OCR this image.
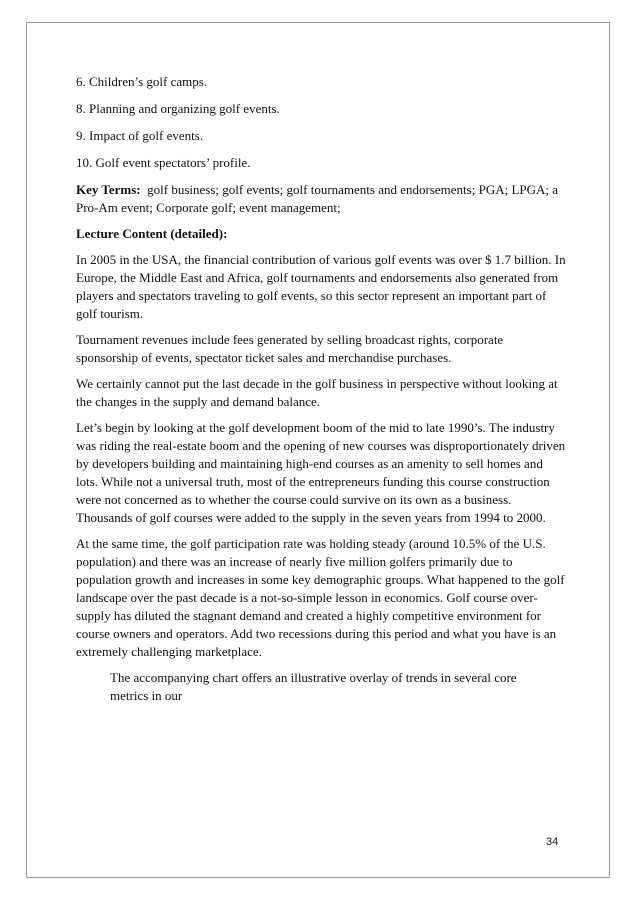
6. Children’s golf camps.

8. Planning and organizing golf events.

9. Impact of golf events.

10. Golf event spectators’ profile.

Key Terms: golf business; golf events; golf tournaments and endorsements; PGA; LPGA; a Pro-Am event; Corporate golf; event management;

Lecture Content (detailed):

In 2005 in the USA, the financial contribution of various golf events was over $ 1.7 billion. In Europe, the Middle East and Africa, golf tournaments and endorsements also generated from players and spectators traveling to golf events, so this sector represent an important part of golf tourism.

Tournament revenues include fees generated by selling broadcast rights, corporate sponsorship of events, spectator ticket sales and merchandise purchases.

We certainly cannot put the last decade in the golf business in perspective without looking at the changes in the supply and demand balance.

Let’s begin by looking at the golf development boom of the mid to late 1990’s. The industry was riding the real-estate boom and the opening of new courses was disproportionately driven by developers building and maintaining high-end courses as an amenity to sell homes and lots. While not a universal truth, most of the entrepreneurs funding this course construction were not concerned as to whether the course could survive on its own as a business. Thousands of golf courses were added to the supply in the seven years from 1994 to 2000.

At the same time, the golf participation rate was holding steady (around 10.5% of the U.S. population) and there was an increase of nearly five million golfers primarily due to population growth and increases in some key demographic groups. What happened to the golf landscape over the past decade is a not-so-simple lesson in economics. Golf course over-supply has diluted the stagnant demand and created a highly competitive environment for course owners and operators. Add two recessions during this period and what you have is an extremely challenging marketplace.

The accompanying chart offers an illustrative overlay of trends in several core metrics in our

34
